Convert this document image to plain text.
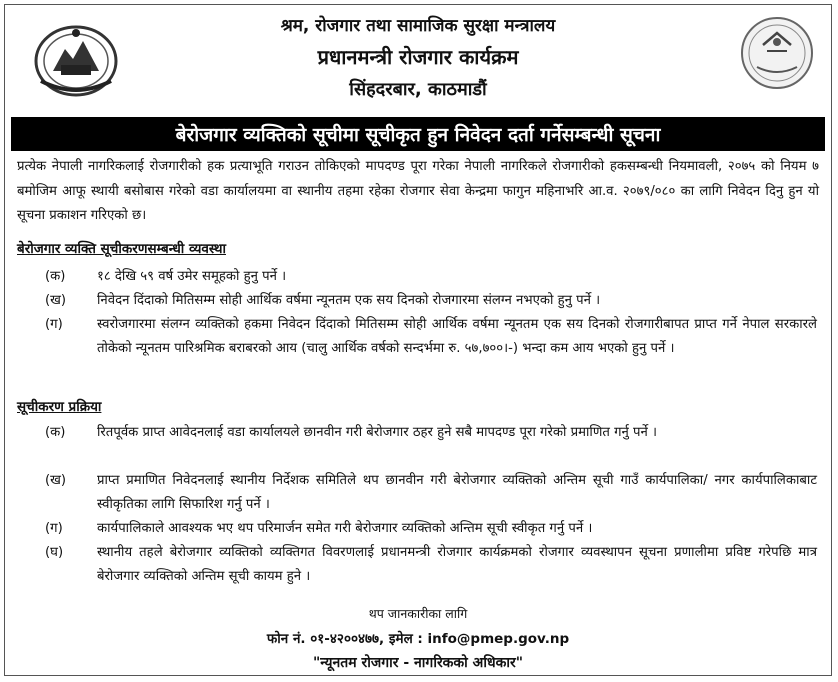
श्रम, रोजगार तथा सामाजिक सुरक्षा मन्त्रालय
प्रधानमन्त्री रोजगार कार्यक्रम
सिंहदरबार, काठमाडौं
बेरोजगार व्यक्तिको सूचीमा सूचीकृत हुन निवेदन दर्ता गर्नेसम्बन्धी सूचना
प्रत्येक नेपाली नागरिकलाई रोजगारीको हक प्रत्याभूति गराउन तोकिएको मापदण्ड पूरा गरेका नेपाली नागरिकले रोजगारीको हकसम्बन्धी नियमावली, २०७५ को नियम ७ बमोजिम आफू स्थायी बसोबास गरेको वडा कार्यालयमा वा स्थानीय तहमा रहेका रोजगार सेवा केन्द्रमा फागुन महिनाभरि आ.व. २०७९/०८० का लागि निवेदन दिनु हुन यो सूचना प्रकाशन गरिएको छ।
बेरोजगार व्यक्ति सूचीकरणसम्बन्धी व्यवस्था
(क)	१८ देखि ५९ वर्ष उमेर समूहको हुनु पर्ने ।
(ख)	निवेदन दिंदाको मितिसम्म सोही आर्थिक वर्षमा न्यूनतम एक सय दिनको रोजगारमा संलग्न नभएको हुनु पर्ने ।
(ग)	स्वरोजगारमा संलग्न व्यक्तिको हकमा निवेदन दिंदाको मितिसम्म सोही आर्थिक वर्षमा न्यूनतम एक सय दिनको रोजगारीबापत प्राप्त गर्ने नेपाल सरकारले तोकेको न्यूनतम पारिश्रमिक बराबरको आय (चालु आर्थिक वर्षको सन्दर्भमा रु. ५७,७००।-) भन्दा कम आय भएको हुनु पर्ने ।
सूचीकरण प्रक्रिया
(क)	रितपूर्वक प्राप्त आवेदनलाई वडा कार्यालयले छानवीन गरी बेरोजगार ठहर हुने सबै मापदण्ड पूरा गरेको प्रमाणित गर्नु पर्ने ।
(ख)	प्राप्त प्रमाणित निवेदनलाई स्थानीय निर्देशक समितिले थप छानवीन गरी बेरोजगार व्यक्तिको अन्तिम सूची गाउँ कार्यपालिका/ नगर कार्यपालिकाबाट स्वीकृतिका लागि सिफारिश गर्नु पर्ने ।
(ग)	कार्यपालिकाले आवश्यक भए थप परिमार्जन समेत गरी बेरोजगार व्यक्तिको अन्तिम सूची स्वीकृत गर्नु पर्ने ।
(घ)	स्थानीय तहले बेरोजगार व्यक्तिको व्यक्तिगत विवरणलाई प्रधानमन्त्री रोजगार कार्यक्रमको रोजगार व्यवस्थापन सूचना प्रणालीमा प्रविष्ट गरेपछि मात्र बेरोजगार व्यक्तिको अन्तिम सूची कायम हुने ।
थप जानकारीका लागि
फोन नं. ०१-४२००४७७, इमेल : info@pmep.gov.np
"न्यूनतम रोजगार - नागरिकको अधिकार"
